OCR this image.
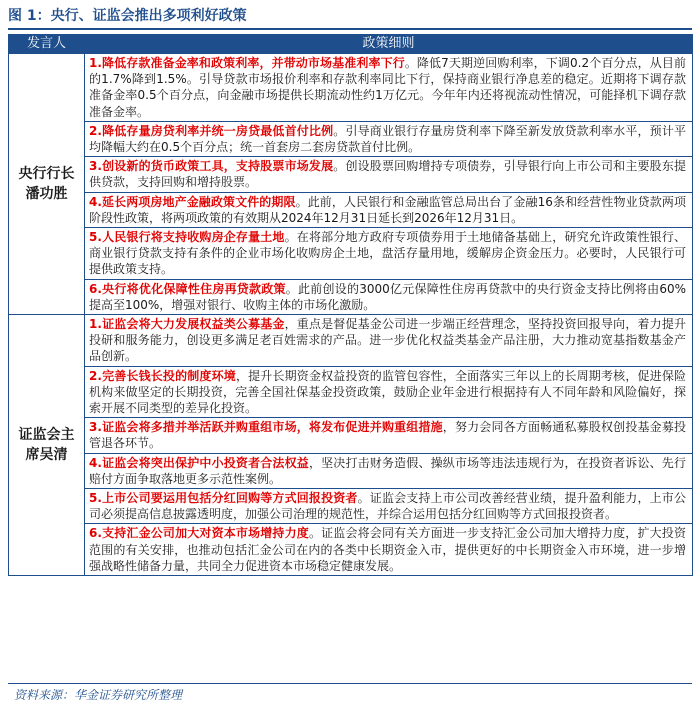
图 1：央行、证监会推出多项利好政策
发言人	政策细则
央行行长潘功胜	1.降低存款准备金率和政策利率，并带动市场基准利率下行。降低7天期逆回购利率，下调0.2个百分点，从目前的1.7%降到1.5%。引导贷款市场报价利率和存款利率同比下行，保持商业银行净息差的稳定。近期将下调存款准备金率0.5个百分点，向金融市场提供长期流动性约1万亿元。今年年内还将视流动性情况，可能择机下调存款准备金率。
	2.降低存量房贷利率并统一房贷最低首付比例。引导商业银行存量房贷利率下降至新发放贷款利率水平，预计平均降幅大约在0.5个百分点；统一首套房二套房贷款首付比例。
	3.创设新的货币政策工具，支持股票市场发展。创设股票回购增持专项债券，引导银行向上市公司和主要股东提供贷款，支持回购和增持股票。
	4.延长两项房地产金融政策文件的期限。此前，人民银行和金融监管总局出台了金融16条和经营性物业贷款两项阶段性政策，将两项政策的有效期从2024年12月31日延长到2026年12月31日。
	5.人民银行将支持收购房企存量土地。在将部分地方政府专项债券用于土地储备基础上，研究允许政策性银行、商业银行贷款支持有条件的企业市场化收购房企土地，盘活存量用地，缓解房企资金压力。必要时，人民银行可提供政策支持。
	6.央行将优化保障性住房再贷款政策。此前创设的3000亿元保障性住房再贷款中的央行资金支持比例将由60%提高至100%，增强对银行、收购主体的市场化激励。
证监会主席吴清	1.证监会将大力发展权益类公募基金，重点是督促基金公司进一步端正经营理念，坚持投资回报导向，着力提升投研和服务能力，创设更多满足老百姓需求的产品。进一步优化权益类基金产品注册，大力推动宽基指数基金产品创新。
	2.完善长钱长投的制度环境，提升长期资金权益投资的监管包容性，全面落实三年以上的长周期考核，促进保险机构来做坚定的长期投资，完善全国社保基金投资政策，鼓励企业年金进行根据持有人不同年龄和风险偏好，探索开展不同类型的差异化投资。
	3.证监会将多措并举活跃并购重组市场，将发布促进并购重组措施，努力会同各方面畅通私募股权创投基金募投管退各环节。
	4.证监会将突出保护中小投资者合法权益，坚决打击财务造假、操纵市场等违法违规行为，在投资者诉讼、先行赔付方面争取落地更多示范性案例。
	5.上市公司要运用包括分红回购等方式回报投资者。证监会支持上市公司改善经营业绩，提升盈利能力，上市公司必须提高信息披露透明度，加强公司治理的规范性，并综合运用包括分红回购等方式回报投资者。
	6.支持汇金公司加大对资本市场增持力度。证监会将会同有关方面进一步支持汇金公司加大增持力度，扩大投资范围的有关安排，也推动包括汇金公司在内的各类中长期资金入市，提供更好的中长期资金入市环境，进一步增强战略性储备力量，共同全力促进资本市场稳定健康发展。
资料来源：华金证券研究所整理
